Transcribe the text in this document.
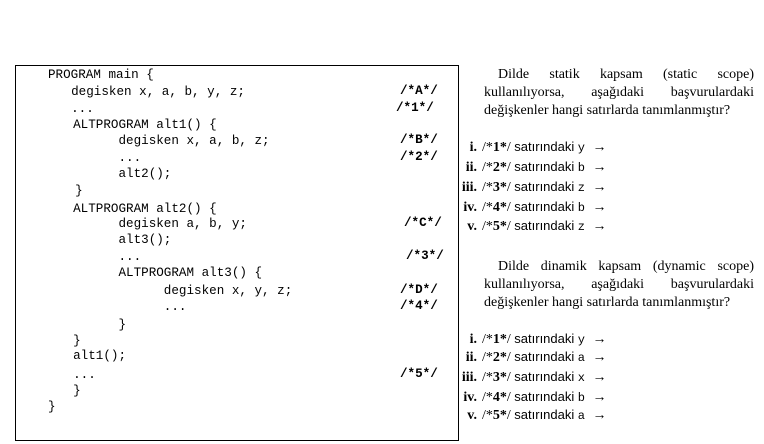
PROGRAM main {
degisken x, a, b, y, z;
...
ALTPROGRAM alt1() {
degisken x, a, b, z;
...
alt2();
}
ALTPROGRAM alt2() {
degisken a, b, y;
alt3();
...
ALTPROGRAM alt3() {
degisken x, y, z;
...
}
}
alt1();
...
}
}
/*A*/
/*1*/
/*B*/
/*2*/
/*C*/
/*3*/
/*D*/
/*4*/
/*5*/
Dilde statik kapsam (static scope) kullanılıyorsa, aşağıdaki başvurulardaki değişkenler hangi satırlarda tanımlanmıştır?
i. /*1*/ satırındaki y →
ii. /*2*/ satırındaki b →
iii. /*3*/ satırındaki z →
iv. /*4*/ satırındaki b →
v. /*5*/ satırındaki z →
Dilde dinamik kapsam (dynamic scope) kullanılıyorsa, aşağıdaki başvurulardaki değişkenler hangi satırlarda tanımlanmıştır?
i. /*1*/ satırındaki y →
ii. /*2*/ satırındaki a →
iii. /*3*/ satırındaki x →
iv. /*4*/ satırındaki b →
v. /*5*/ satırındaki a →
